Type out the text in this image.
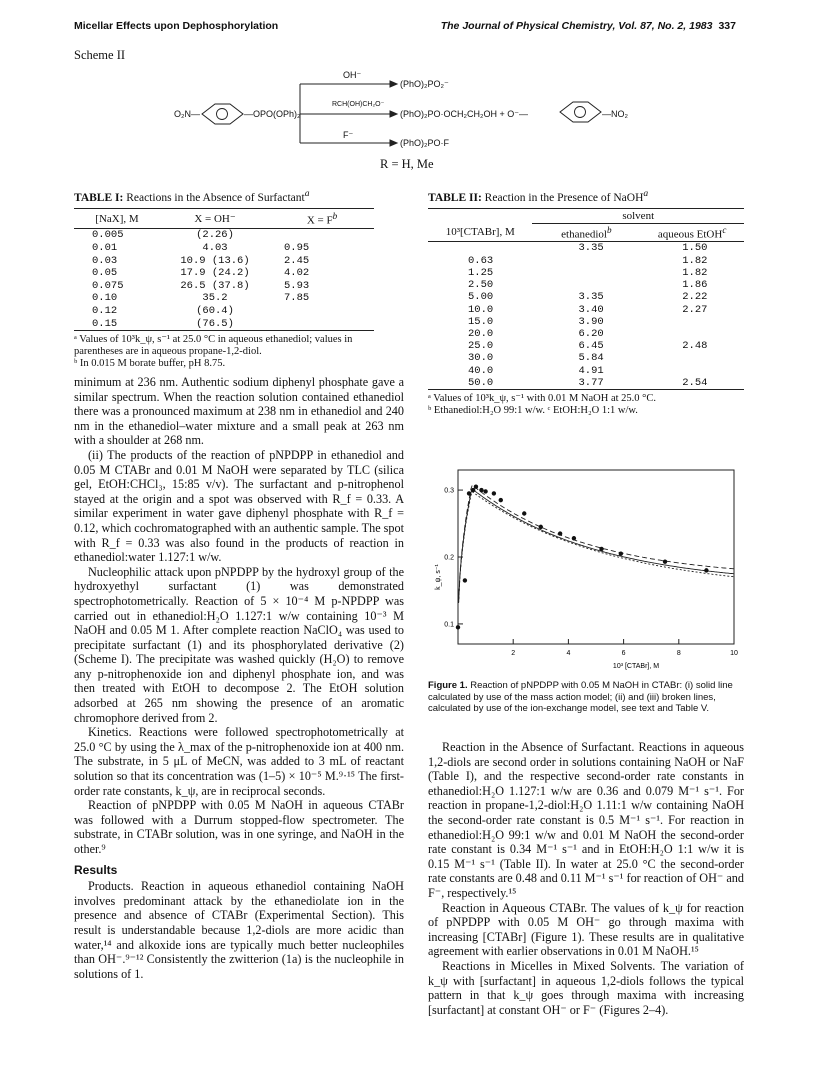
Micellar Effects upon Dephosphorylation	The Journal of Physical Chemistry, Vol. 87, No. 2, 1983 337
Scheme II
O₂N—	—OPO(OPh)₂
OH⁻
RCH(OH)CH₂O⁻
F⁻
(PhO)₂PO₂⁻
(PhO)₂PO·OCH₂CH₂OH + O⁻—	—NO₂
(PhO)₂PO·F
R = H, Me
TABLE I: Reactions in the Absence of Surfactant$^a$
[NaX], M	X = OH⁻	$X = F^b$
0.005	(2.26)	
0.01	4.03	0.95
0.03	10.9 (13.6)	2.45
0.05	17.9 (24.2)	4.02
0.075	26.5 (37.8)	5.93
0.10	35.2	7.85
0.12	(60.4)	
0.15	(76.5)	
ᵃ Values of 10³k_ψ, s⁻¹ at 25.0 °C in aqueous ethanediol; values in parentheses are in aqueous propane-1,2-diol.
ᵇ In 0.015 M borate buffer, pH 8.75.

minimum at 236 nm. Authentic sodium diphenyl phosphate gave a similar spectrum. When the reaction solution contained ethanediol there was a pronounced maximum at 238 nm in ethanediol and 240 nm in the ethanediol–water mixture and a small peak at 263 nm with a shoulder at 268 nm.

(ii) The products of the reaction of pNPDPP in ethanediol and 0.05 M CTABr and 0.01 M NaOH were separated by TLC (silica gel, EtOH:CHCl₃, 15:85 v/v). The surfactant and p-nitrophenol stayed at the origin and a spot was observed with R_f = 0.33. A similar experiment in water gave diphenyl phosphate with R_f = 0.12, which cochromatographed with an authentic sample. The spot with R_f = 0.33 was also found in the products of reaction in ethanediol:water 1.127:1 w/w.

Nucleophilic attack upon pNPDPP by the hydroxyl group of the hydroxyethyl surfactant (1) was demonstrated spectrophotometrically. Reaction of 5 × 10⁻⁴ M p-NPDPP was carried out in ethanediol:H₂O 1.127:1 w/w containing 10⁻³ M NaOH and 0.05 M 1. After complete reaction NaClO₄ was used to precipitate surfactant (1) and its phosphorylated derivative (2) (Scheme I). The precipitate was washed quickly (H₂O) to remove any p-nitrophenoxide ion and diphenyl phosphate ion, and was then treated with EtOH to decompose 2. The EtOH solution adsorbed at 265 nm showing the presence of an aromatic chromophore derived from 2.

Kinetics. Reactions were followed spectrophotometrically at 25.0 °C by using the λ_max of the p-nitrophenoxide ion at 400 nm. The substrate, in 5 μL of MeCN, was added to 3 mL of reactant solution so that its concentration was (1–5) × 10⁻⁵ M.⁹·¹⁵ The first-order rate constants, k_ψ, are in reciprocal seconds.

Reaction of pNPDPP with 0.05 M NaOH in aqueous CTABr was followed with a Durrum stopped-flow spectrometer. The substrate, in CTABr solution, was in one syringe, and NaOH in the other.⁹

Results

Products. Reaction in aqueous ethanediol containing NaOH involves predominant attack by the ethanediolate ion in the presence and absence of CTABr (Experimental Section). This result is understandable because 1,2-diols are more acidic than water,¹⁴ and alkoxide ions are typically much better nucleophiles than OH⁻.⁹⁻¹² Consistently the zwitterion (1a) is the nucleophile in solutions of 1.

TABLE II: Reaction in the Presence of NaOH$^a$
	solvent	
10³[CTABr], M	ethanediol$^b$	aqueous EtOH$^c$
	3.35	1.50
0.63		1.82
1.25		1.82
2.50		1.86
5.00	3.35	2.22
10.0	3.40	2.27
15.0	3.90	
20.0	6.20	
25.0	6.45	2.48
30.0	5.84	
40.0	4.91	
50.0	3.77	2.54
ᵃ Values of 10³k_ψ, s⁻¹ with 0.01 M NaOH at 25.0 °C.
ᵇ Ethanediol:H₂O 99:1 w/w. ᶜ EtOH:H₂O 1:1 w/w.
2	4	6	8	10
0.1
0.2
0.3
10³ [CTABr], M
k_ψ, s⁻¹
Figure 1. Reaction of pNPDPP with 0.05 M NaOH in CTABr: (i) solid line calculated by use of the mass action model; (ii) and (iii) broken lines, calculated by use of the ion-exchange model, see text and Table V.

Reaction in the Absence of Surfactant. Reactions in aqueous 1,2-diols are second order in solutions containing NaOH or NaF (Table I), and the respective second-order rate constants in ethanediol:H₂O 1.127:1 w/w are 0.36 and 0.079 M⁻¹ s⁻¹. For reaction in propane-1,2-diol:H₂O 1.11:1 w/w containing NaOH the second-order rate constant is 0.5 M⁻¹ s⁻¹. For reaction in ethanediol:H₂O 99:1 w/w and 0.01 M NaOH the second-order rate constant is 0.34 M⁻¹ s⁻¹ and in EtOH:H₂O 1:1 w/w it is 0.15 M⁻¹ s⁻¹ (Table II). In water at 25.0 °C the second-order rate constants are 0.48 and 0.11 M⁻¹ s⁻¹ for reaction of OH⁻ and F⁻, respectively.¹⁵

Reaction in Aqueous CTABr. The values of k_ψ for reaction of pNPDPP with 0.05 M OH⁻ go through maxima with increasing [CTABr] (Figure 1). These results are in qualitative agreement with earlier observations in 0.01 M NaOH.¹⁵

Reactions in Micelles in Mixed Solvents. The variation of k_ψ with [surfactant] in aqueous 1,2-diols follows the typical pattern in that k_ψ goes through maxima with increasing [surfactant] at constant OH⁻ or F⁻ (Figures 2–4).
